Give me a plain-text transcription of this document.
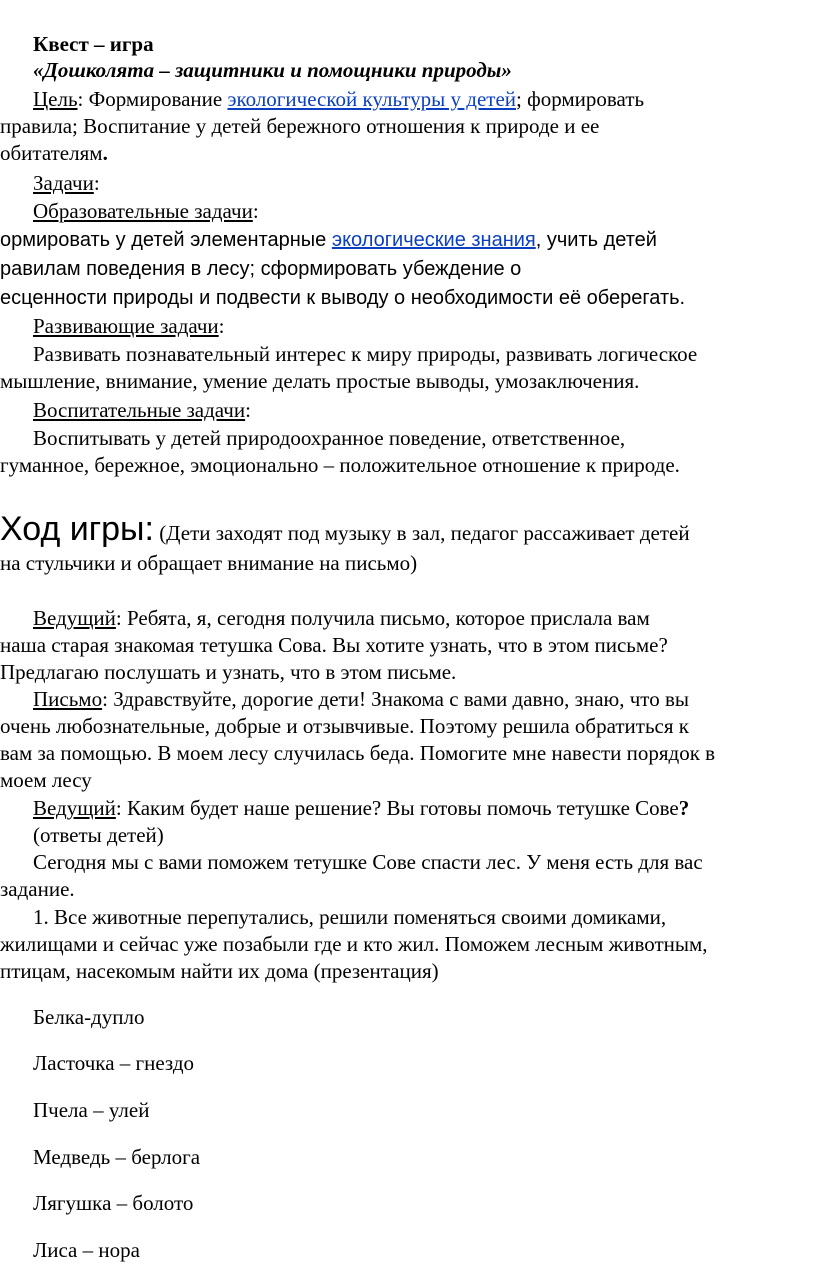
Квест – игра
«Дошколята – защитники и помощники природы»
Цель: Формирование экологической культуры у детей; формировать
правила; Воспитание у детей бережного отношения к природе и ее
обитателям.
Задачи:
Образовательные задачи:
ормировать у детей элементарные экологические знания, учить детей
равилам поведения в лесу; сформировать убеждение о
есценности природы и подвести к выводу о необходимости её оберегать.
Развивающие задачи:
Развивать познавательный интерес к миру природы, развивать логическое
мышление, внимание, умение делать простые выводы, умозаключения.
Воспитательные задачи:
Воспитывать у детей природоохранное поведение, ответственное,
гуманное, бережное, эмоционально – положительное отношение к природе.
Ход игры: (Дети заходят под музыку в зал, педагог рассаживает детей
на стульчики и обращает внимание на письмо)
Ведущий: Ребята, я, сегодня получила письмо, которое прислала вам
наша старая знакомая тетушка Сова. Вы хотите узнать, что в этом письме?
Предлагаю послушать и узнать, что в этом письме.
Письмо: Здравствуйте, дорогие дети! Знакома с вами давно, знаю, что вы
очень любознательные, добрые и отзывчивые. Поэтому решила обратиться к
вам за помощью. В моем лесу случилась беда. Помогите мне навести порядок в
моем лесу
Ведущий: Каким будет наше решение? Вы готовы помочь тетушке Сове?
(ответы детей)
Сегодня мы с вами поможем тетушке Сове спасти лес. У меня есть для вас
задание.
1. Все животные перепутались, решили поменяться своими домиками,
жилищами и сейчас уже позабыли где и кто жил. Поможем лесным животным,
птицам, насекомым найти их дома (презентация)
Белка-дупло
Ласточка – гнездо
Пчела – улей
Медведь – берлога
Лягушка – болото
Лиса – нора
